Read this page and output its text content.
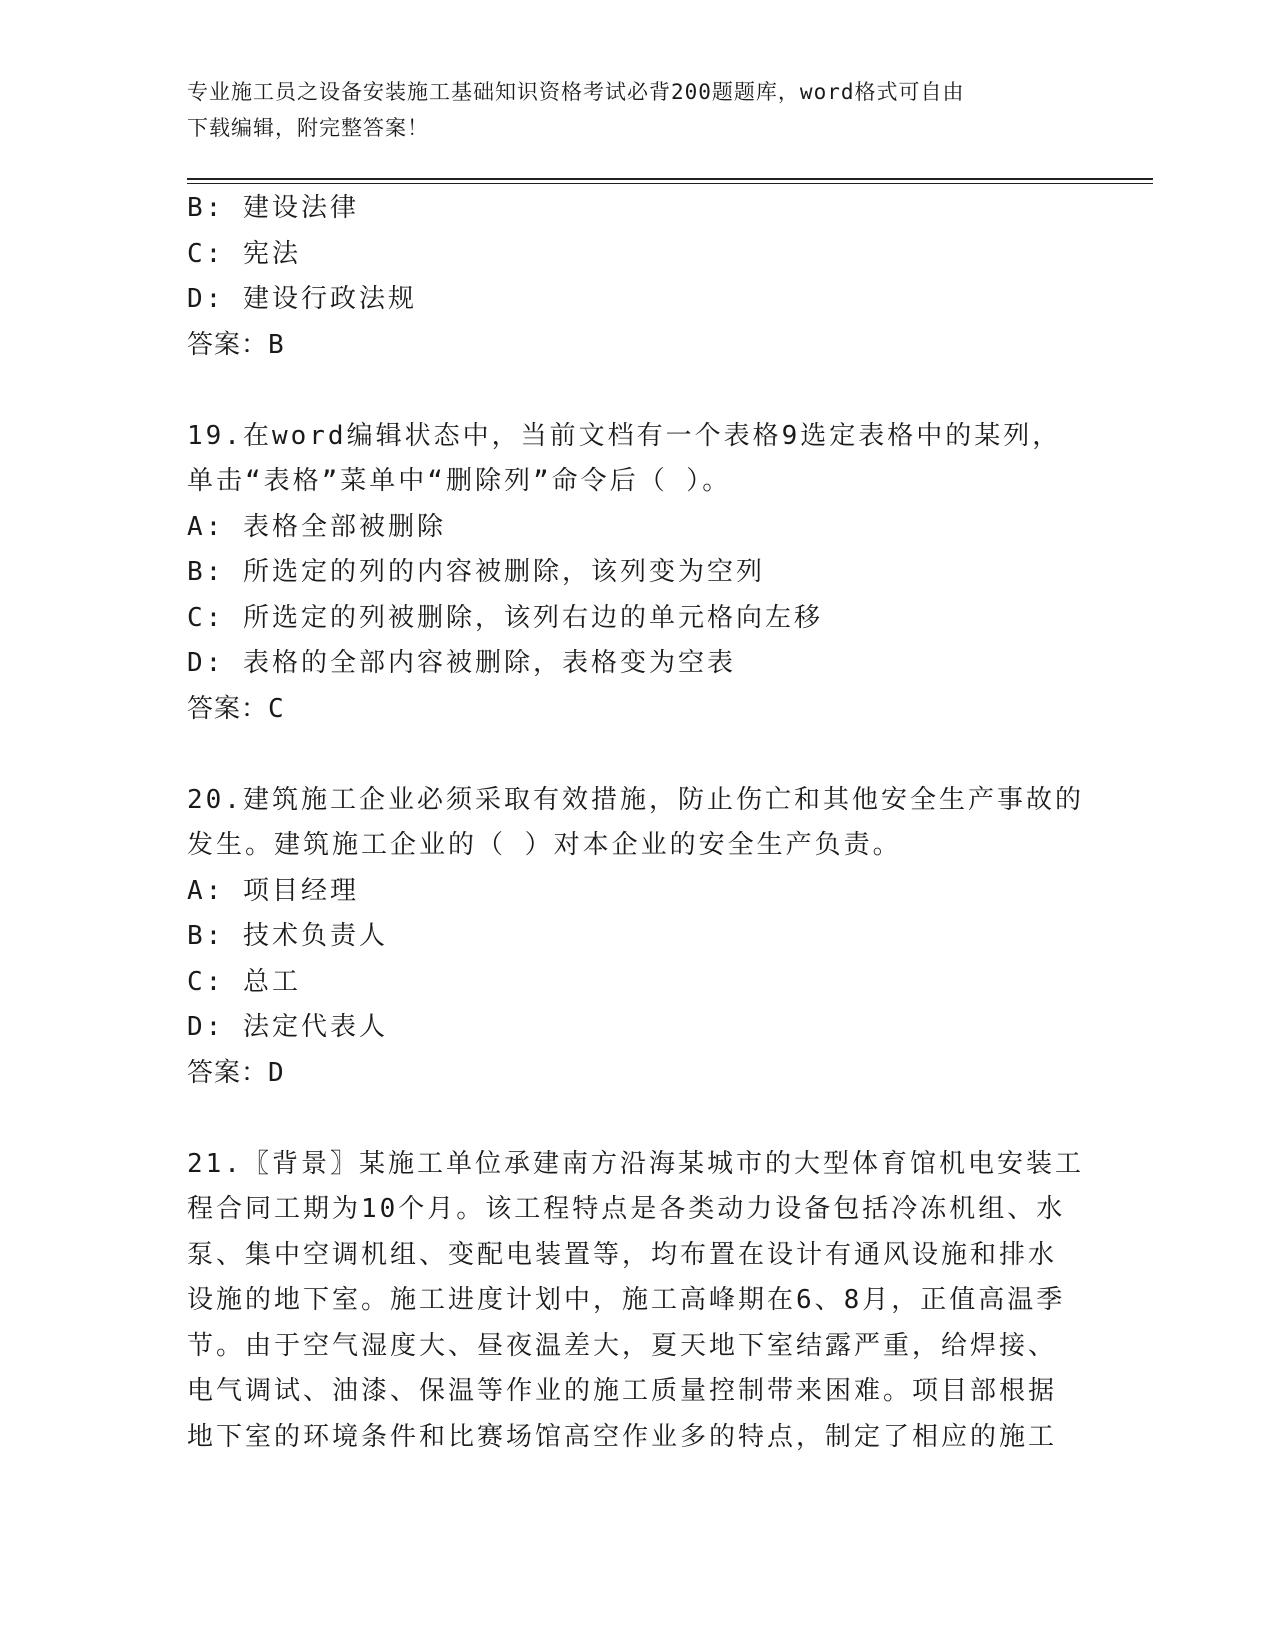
专业施工员之设备安装施工基础知识资格考试必背200题题库，word格式可自由
下载编辑，附完整答案！
B: 建设法律
C: 宪法
D: 建设行政法规
答案：B
19.在word编辑状态中，当前文档有一个表格9选定表格中的某列，
单击“表格”菜单中“删除列”命令后（ ）。
A: 表格全部被删除
B: 所选定的列的内容被删除，该列变为空列
C: 所选定的列被删除，该列右边的单元格向左移
D: 表格的全部内容被删除，表格变为空表
答案：C
20.建筑施工企业必须采取有效措施，防止伤亡和其他安全生产事故的
发生。建筑施工企业的（ ）对本企业的安全生产负责。
A: 项目经理
B: 技术负责人
C: 总工
D: 法定代表人
答案：D
21.〖背景〗某施工单位承建南方沿海某城市的大型体育馆机电安装工
程合同工期为10个月。该工程特点是各类动力设备包括冷冻机组、水
泵、集中空调机组、变配电装置等，均布置在设计有通风设施和排水
设施的地下室。施工进度计划中，施工高峰期在6、8月，正值高温季
节。由于空气湿度大、昼夜温差大，夏天地下室结露严重，给焊接、
电气调试、油漆、保温等作业的施工质量控制带来困难。项目部根据
地下室的环境条件和比赛场馆高空作业多的特点，制定了相应的施工
